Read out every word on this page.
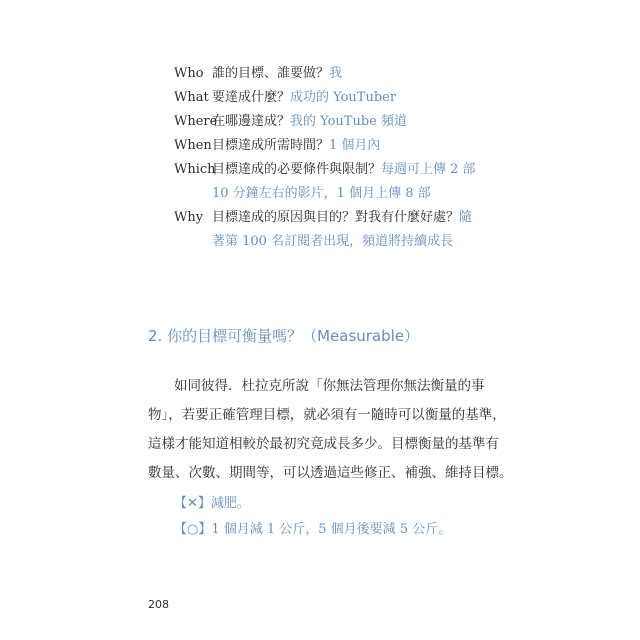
Who 誰的目標、誰要做？我
What 要達成什麼？成功的 YouTuber
Where
在哪邊達成？我的 YouTube 頻道
When 目標達成所需時間？1 個月內
Which
目標達成的必要條件與限制？每週可上傳 2 部
10 分鐘左右的影片，1 個月上傳 8 部
Why 目標達成的原因與目的？對我有什麼好處？隨
著第 100 名訂閱者出現，頻道將持續成長
2. 你的目標可衡量嗎？（Measurable）
如同彼得．杜拉克所說「你無法管理你無法衡量的事
物」，若要正確管理目標，就必須有一隨時可以衡量的基準，
這樣才能知道相較於最初究竟成長多少。目標衡量的基準有
數量、次數、期間等，可以透過這些修正、補強、維持目標。
【✕】減肥。
【○】1 個月減 1 公斤，5 個月後要減 5 公斤。
208
